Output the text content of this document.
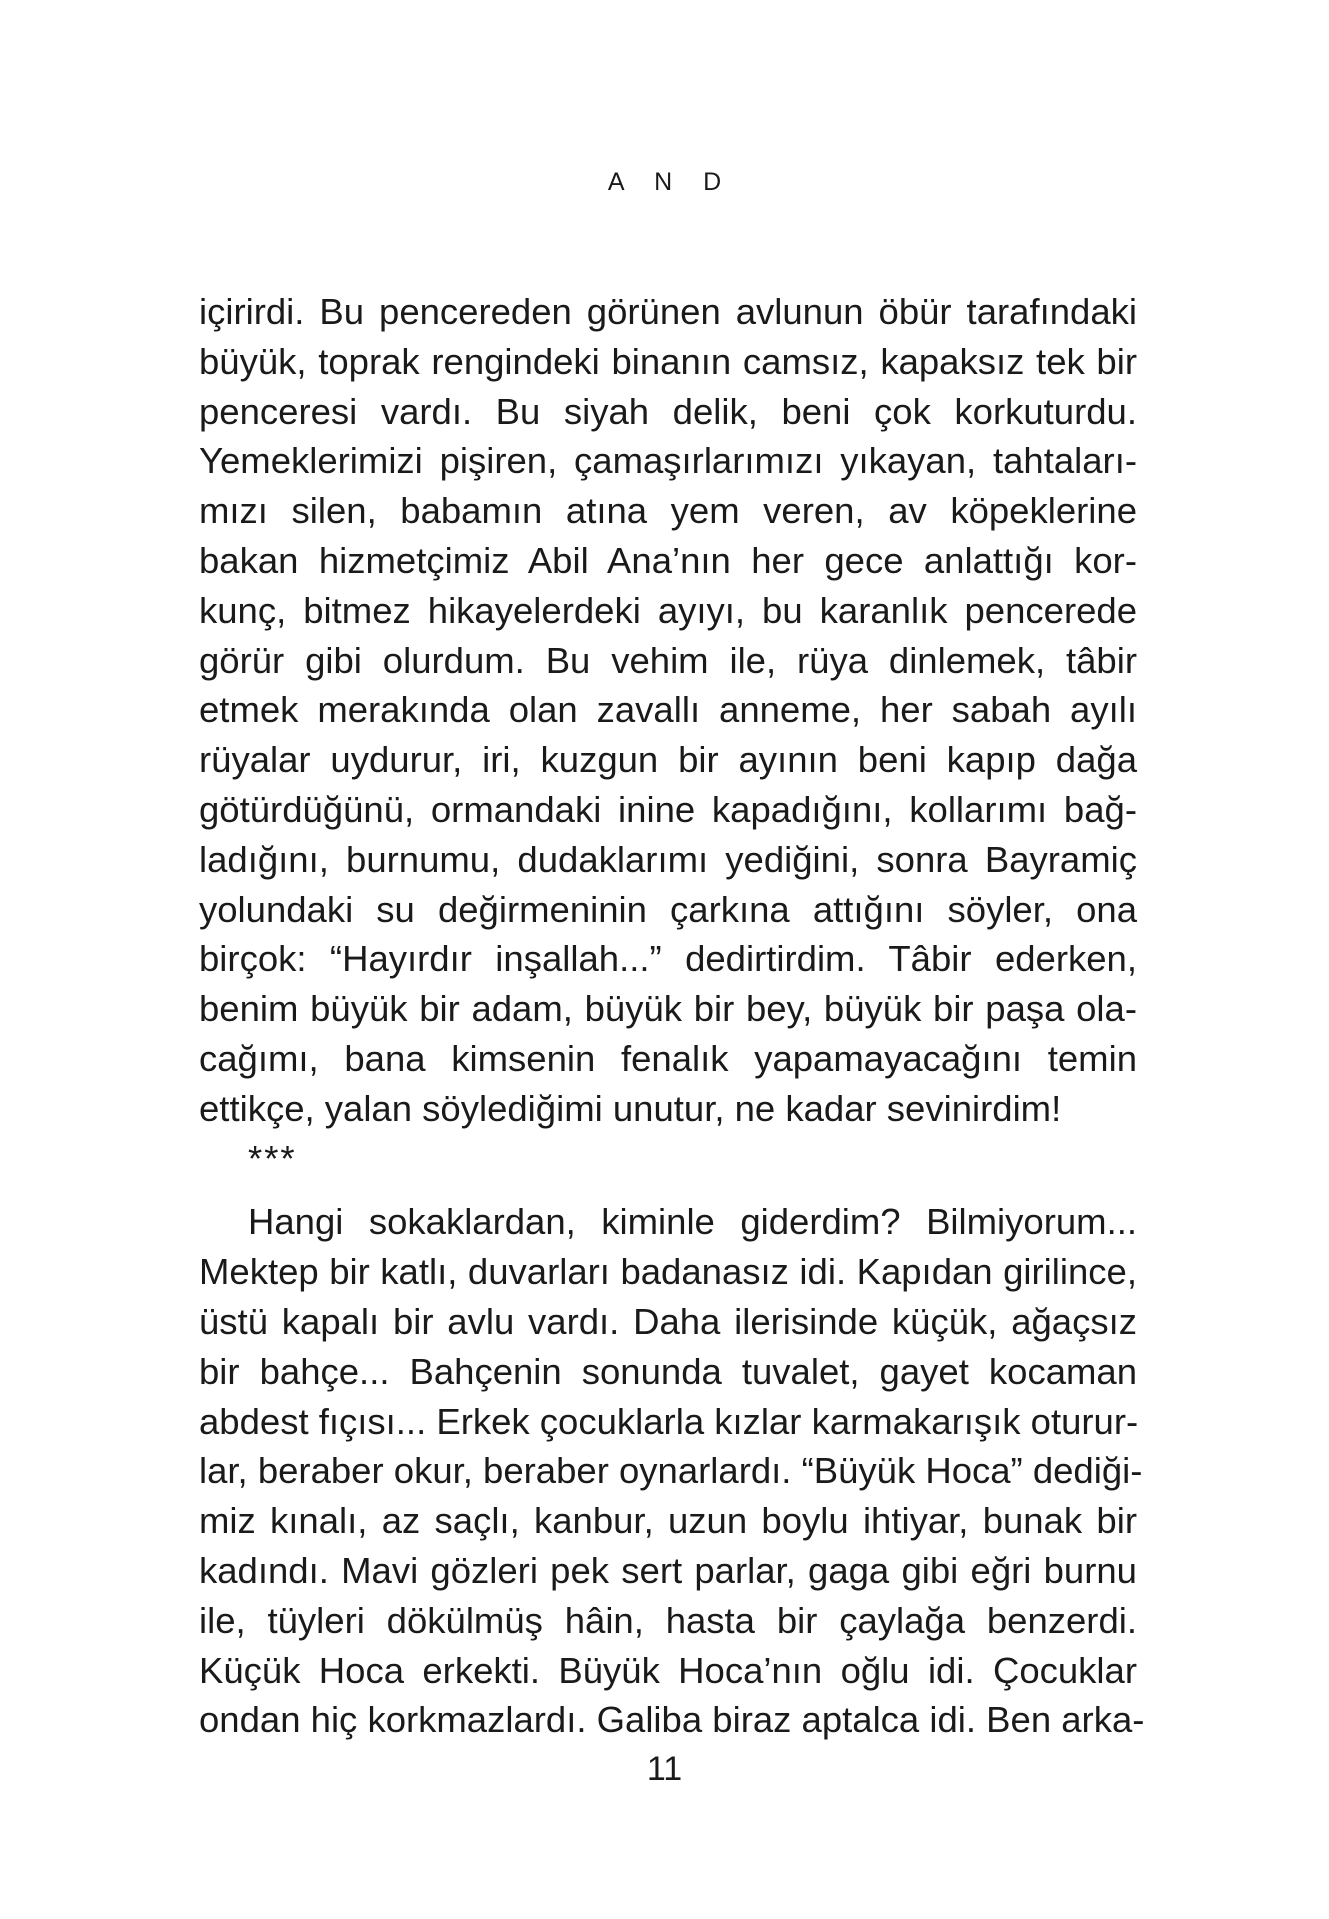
A N D

içirirdi. Bu pencereden görünen avlunun öbür tarafındaki
büyük, toprak rengindeki binanın camsız, kapaksız tek bir
penceresi vardı. Bu siyah delik, beni çok korkuturdu.
Yemeklerimizi pişiren, çamaşırlarımızı yıkayan, tahtaları-
mızı silen, babamın atına yem veren, av köpeklerine
bakan hizmetçimiz Abil Ana’nın her gece anlattığı kor-
kunç, bitmez hikayelerdeki ayıyı, bu karanlık pencerede
görür gibi olurdum. Bu vehim ile, rüya dinlemek, tâbir
etmek merakında olan zavallı anneme, her sabah ayılı
rüyalar uydurur, iri, kuzgun bir ayının beni kapıp dağa
götürdüğünü, ormandaki inine kapadığını, kollarımı bağ-
ladığını, burnumu, dudaklarımı yediğini, sonra Bayramiç
yolundaki su değirmeninin çarkına attığını söyler, ona
birçok: “Hayırdır inşallah...” dedirtirdim. Tâbir ederken,
benim büyük bir adam, büyük bir bey, büyük bir paşa ola-
cağımı, bana kimsenin fenalık yapamayacağını temin
ettikçe, yalan söylediğimi unutur, ne kadar sevinirdim!

***

Hangi sokaklardan, kiminle giderdim? Bilmiyorum...
Mektep bir katlı, duvarları badanasız idi. Kapıdan girilince,
üstü kapalı bir avlu vardı. Daha ilerisinde küçük, ağaçsız
bir bahçe... Bahçenin sonunda tuvalet, gayet kocaman
abdest fıçısı... Erkek çocuklarla kızlar karmakarışık oturur-
lar, beraber okur, beraber oynarlardı. “Büyük Hoca” dediği-
miz kınalı, az saçlı, kanbur, uzun boylu ihtiyar, bunak bir
kadındı. Mavi gözleri pek sert parlar, gaga gibi eğri burnu
ile, tüyleri dökülmüş hâin, hasta bir çaylağa benzerdi.
Küçük Hoca erkekti. Büyük Hoca’nın oğlu idi. Çocuklar
ondan hiç korkmazlardı. Galiba biraz aptalca idi. Ben arka-

11
